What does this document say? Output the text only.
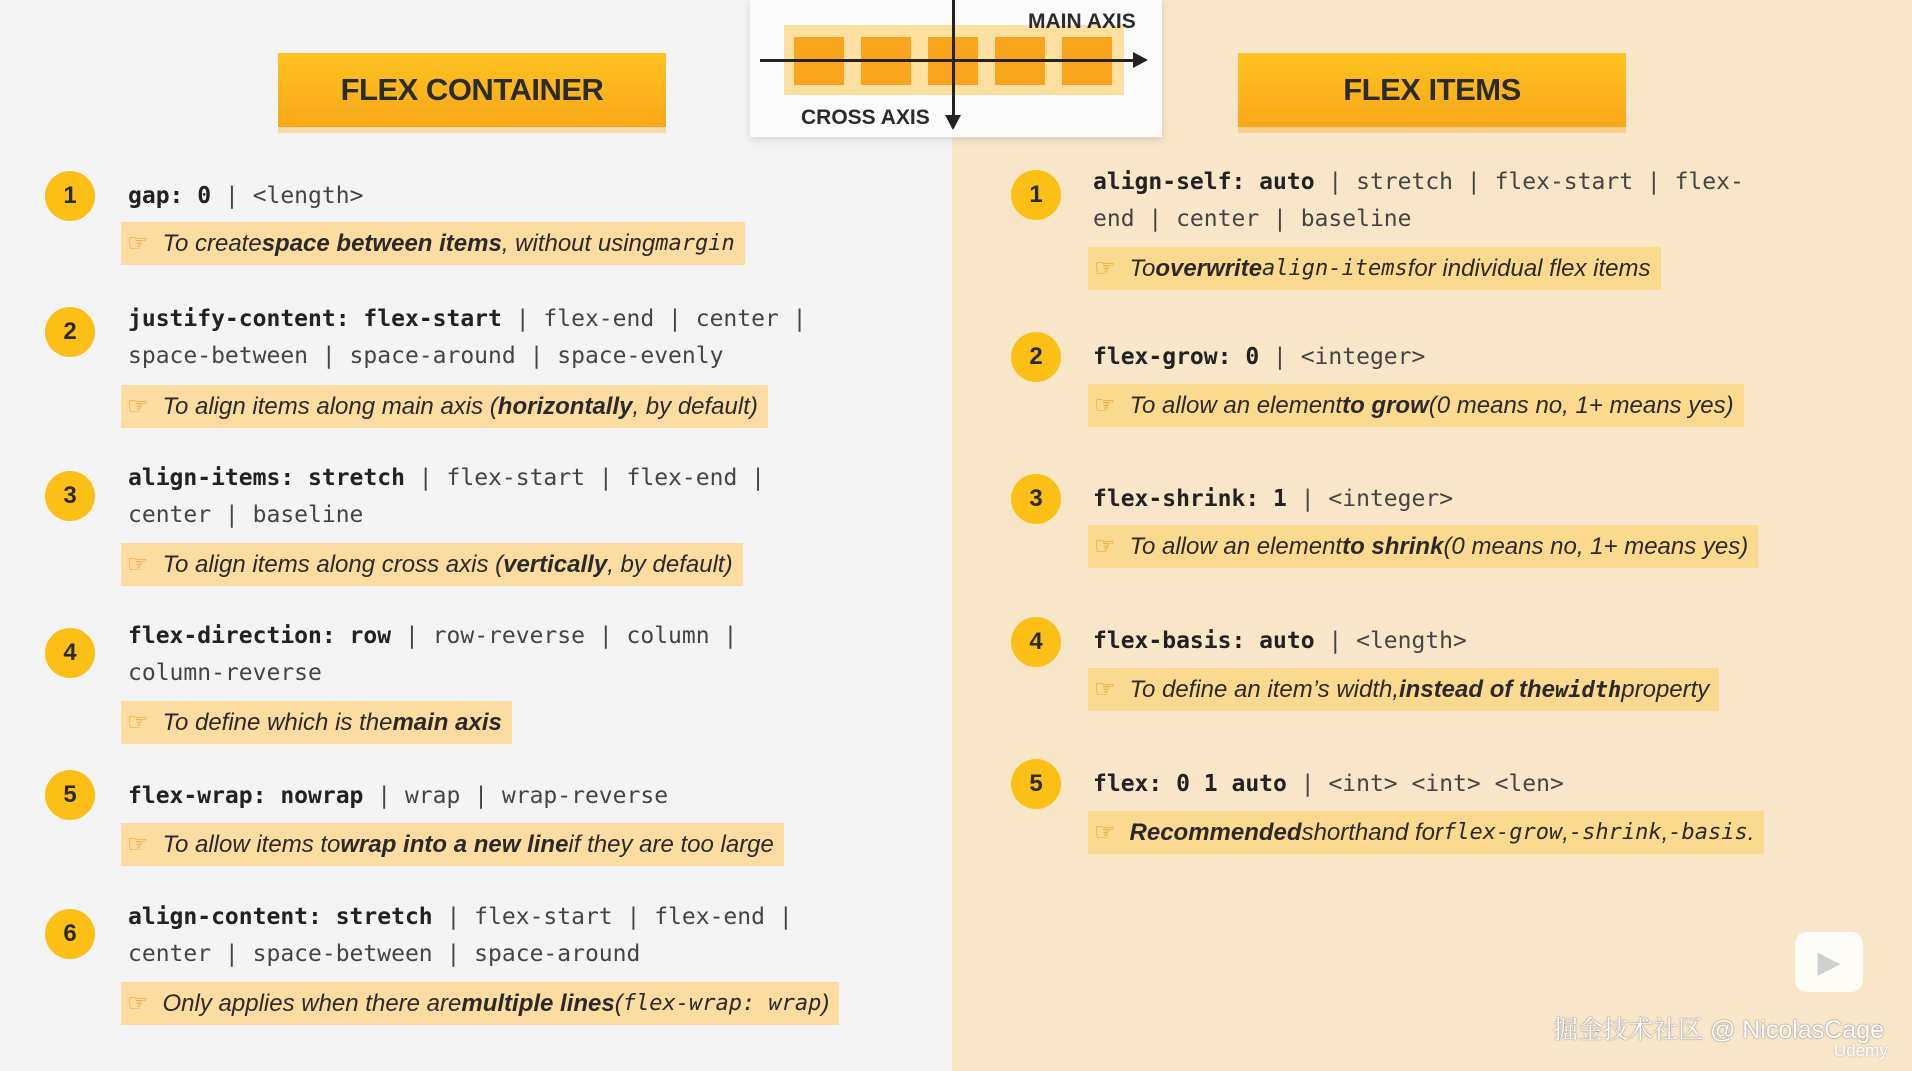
FLEX CONTAINER	FLEX ITEMS
MAIN AXIS
CROSS AXIS
1	gap: 0 | <length>
☞ To create space between items , without using margin
2	justify-content: flex-start | flex-end | center |
space-between | space-around | space-evenly
☞ To align items along main axis ( horizontally , by default)
3
align-items: stretch | flex-start | flex-end |
center | baseline
☞ To align items along cross axis ( vertically , by default)
4
flex-direction: row | row-reverse | column |
column-reverse
☞ To define which is the main axis
5	flex-wrap: nowrap | wrap | wrap-reverse
☞ To allow items to wrap into a new line if they are too large
6
align-content: stretch | flex-start | flex-end |
center | space-between | space-around
☞ Only applies when there are multiple lines ( flex-wrap: wrap )
1	align-self: auto | stretch | flex-start | flex-
end | center | baseline
☞ To overwrite align-items for individual flex items
2	flex-grow: 0 | <integer>
☞ To allow an element to grow (0 means no, 1+ means yes)
3	flex-shrink: 1 | <integer>
☞ To allow an element to shrink (0 means no, 1+ means yes)
4	flex-basis: auto | <length>
☞ To define an item’s width, instead of the width property
5	flex: 0 1 auto | <int> <int> <len>
☞ Recommended shorthand for flex-grow , -shrink , -basis .
▶
掘金技术社区 @ NicolasCage
Udemy
